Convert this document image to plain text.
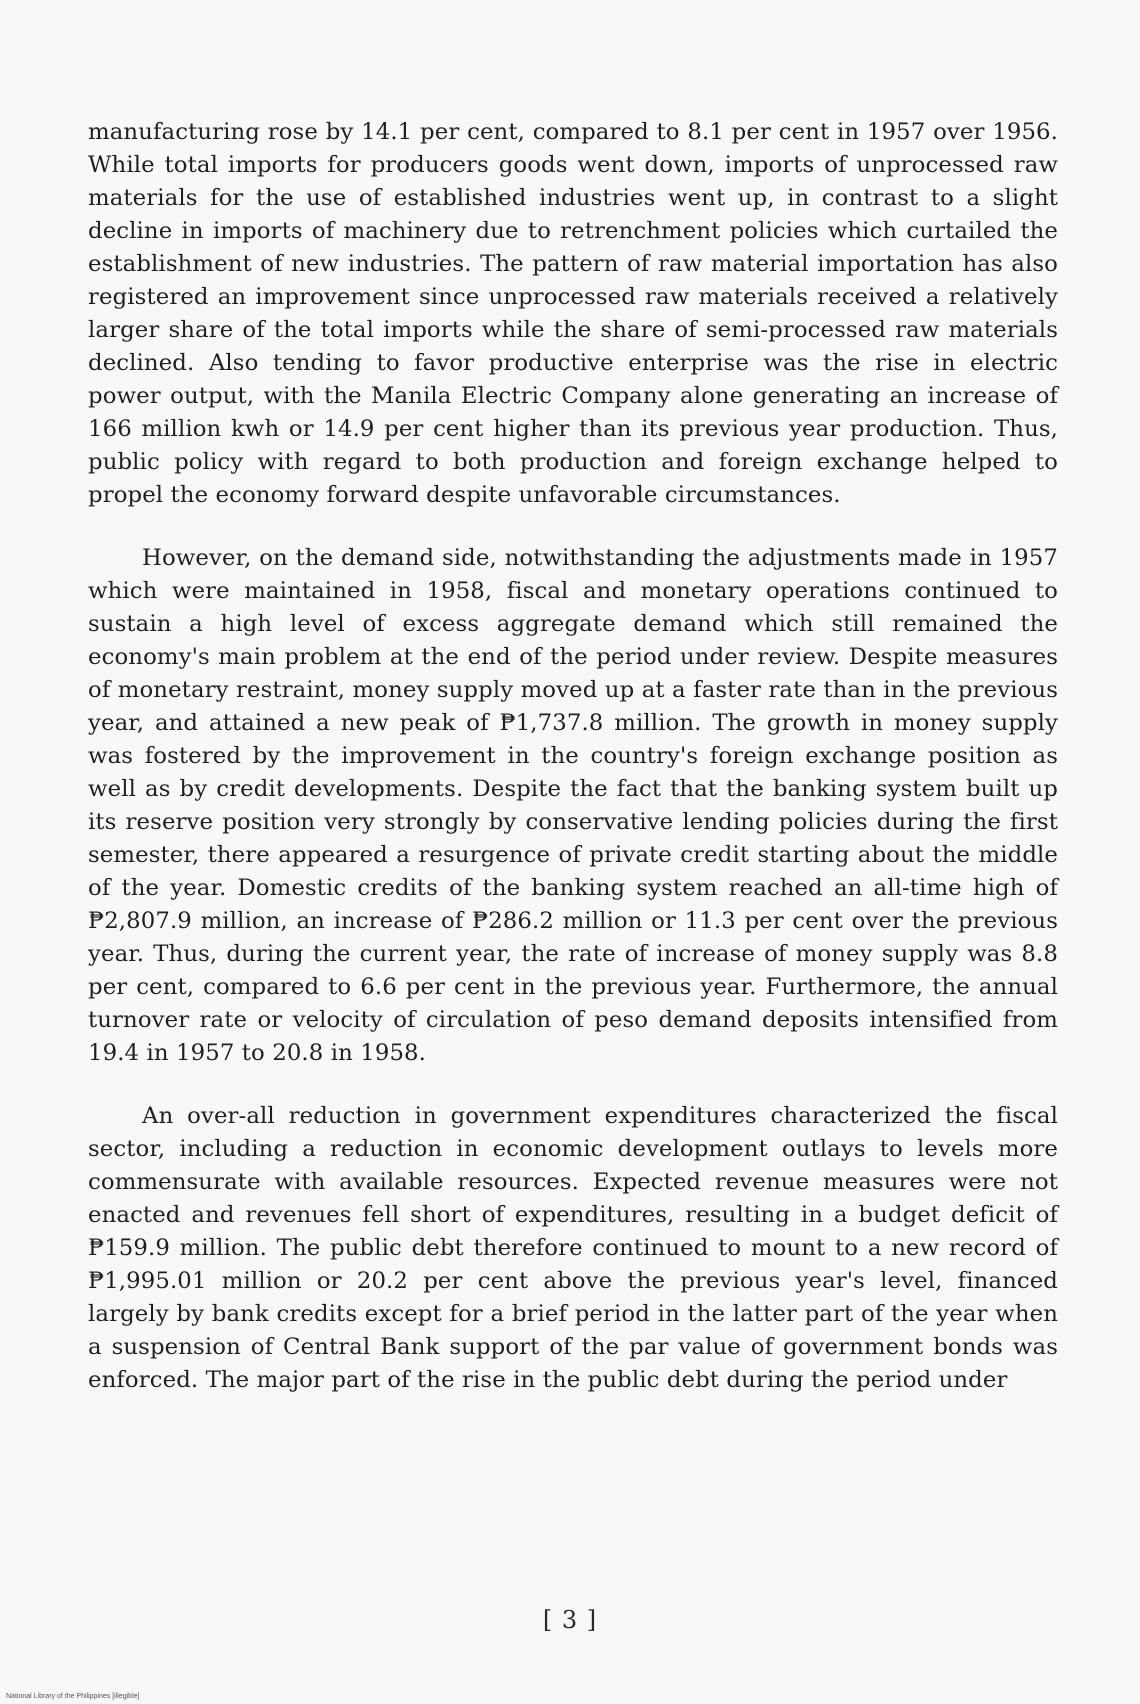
manufacturing rose by 14.1 per cent, compared to 8.1 per cent in 1957 over 1956. While total imports for producers goods went down, imports of unprocessed raw materials for the use of established industries went up, in contrast to a slight decline in imports of machinery due to retrenchment policies which curtailed the establishment of new industries. The pattern of raw material importation has also registered an improvement since unprocessed raw materials received a relatively larger share of the total imports while the share of semi-processed raw materials declined. Also tending to favor productive enterprise was the rise in electric power output, with the Manila Electric Company alone generating an increase of 166 million kwh or 14.9 per cent higher than its previous year production. Thus, public policy with regard to both production and foreign exchange helped to propel the economy forward despite unfavorable circumstances.

However, on the demand side, notwithstanding the adjustments made in 1957 which were maintained in 1958, fiscal and monetary operations continued to sustain a high level of excess aggregate demand which still remained the economy's main problem at the end of the period under review. Despite measures of monetary restraint, money supply moved up at a faster rate than in the previous year, and attained a new peak of ₱1,737.8 million. The growth in money supply was fostered by the improvement in the country's foreign exchange position as well as by credit developments. Despite the fact that the banking system built up its reserve position very strongly by conservative lending policies during the first semester, there appeared a resurgence of private credit starting about the middle of the year. Domestic credits of the banking system reached an all-time high of ₱2,807.9 million, an increase of ₱286.2 million or 11.3 per cent over the previous year. Thus, during the current year, the rate of increase of money supply was 8.8 per cent, compared to 6.6 per cent in the previous year. Furthermore, the annual turnover rate or velocity of circulation of peso demand deposits intensified from 19.4 in 1957 to 20.8 in 1958.

An over-all reduction in government expenditures characterized the fiscal sector, including a reduction in economic development outlays to levels more commensurate with available resources. Expected revenue measures were not enacted and revenues fell short of expenditures, resulting in a budget deficit of ₱159.9 million. The public debt therefore continued to mount to a new record of ₱1,995.01 million or 20.2 per cent above the previous year's level, financed largely by bank credits except for a brief period in the latter part of the year when a suspension of Central Bank support of the par value of government bonds was enforced. The major part of the rise in the public debt during the period under

[ 3 ]
National Library of the Philippines [illegible]
